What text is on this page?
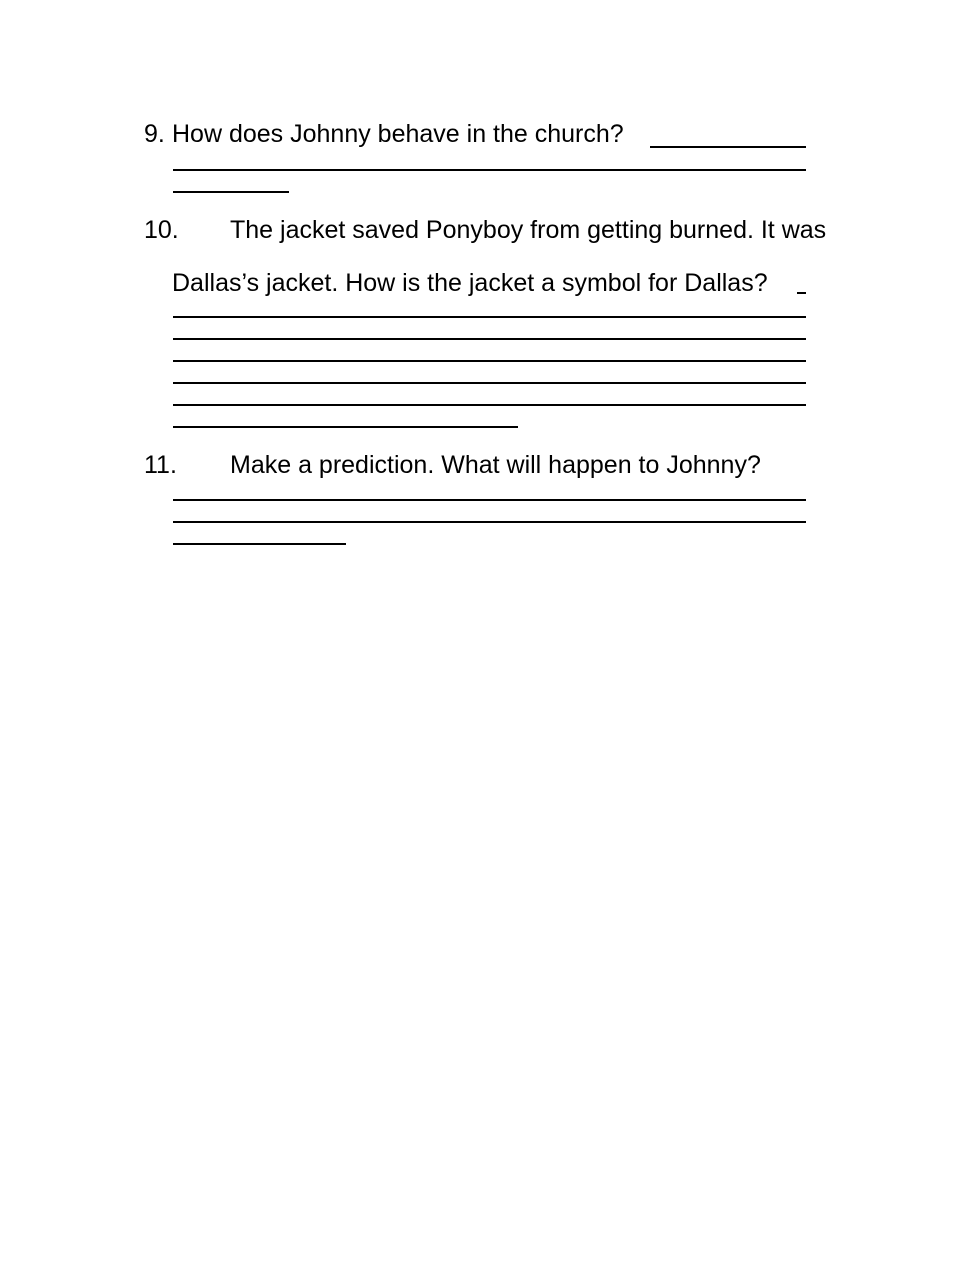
9. How does Johnny behave in the church?
10. The jacket saved Ponyboy from getting burned. It was
Dallas’s jacket. How is the jacket a symbol for Dallas?
11. Make a prediction. What will happen to Johnny?
